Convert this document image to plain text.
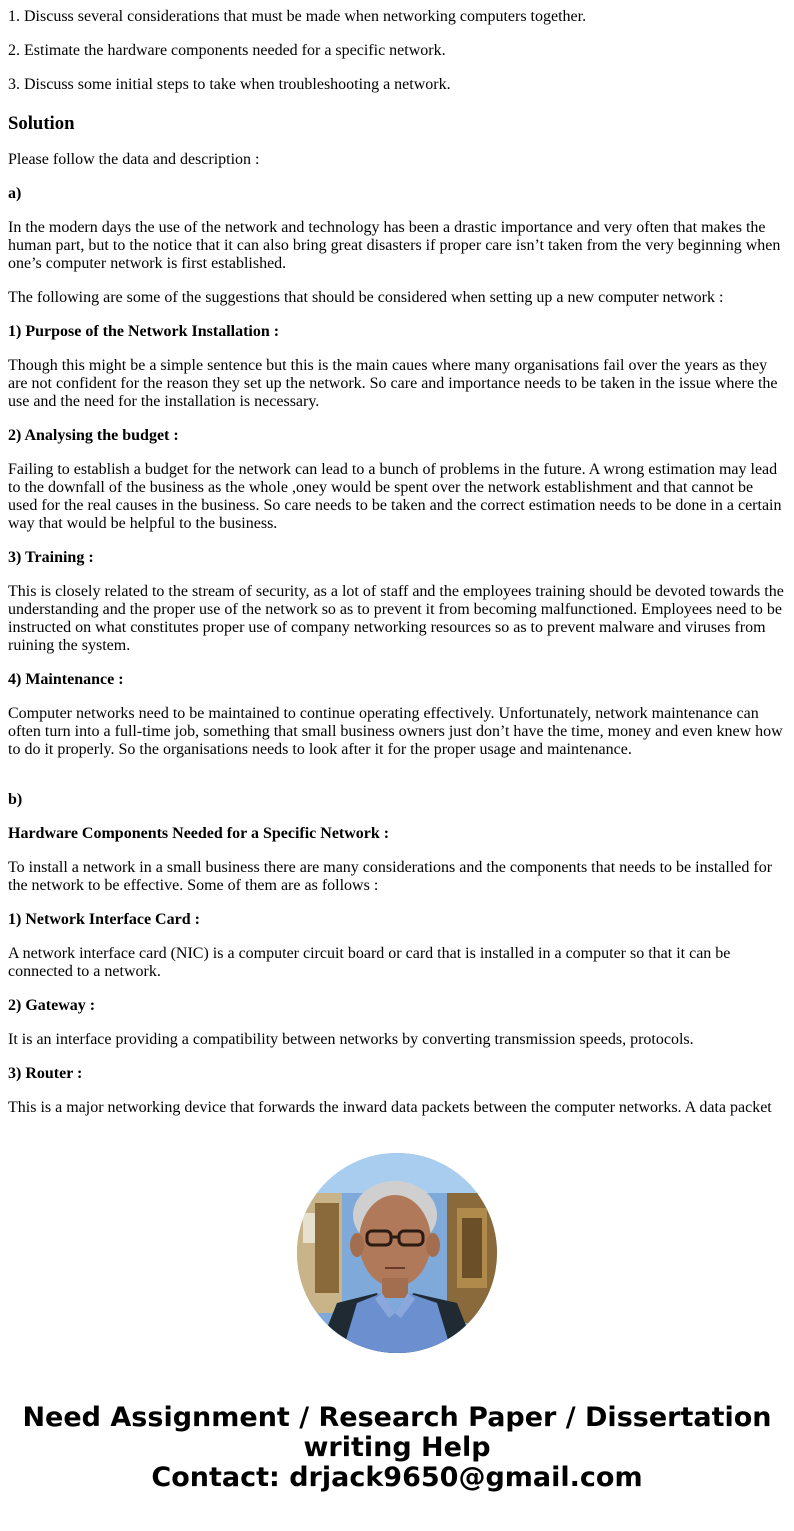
1. Discuss several considerations that must be made when networking computers together.

2. Estimate the hardware components needed for a specific network.

3. Discuss some initial steps to take when troubleshooting a network.

Solution

Please follow the data and description :

a)

In the modern days the use of the network and technology has been a drastic importance and very often that makes the human part, but to the notice that it can also bring great disasters if proper care isn’t taken from the very beginning when one’s computer network is first established.

The following are some of the suggestions that should be considered when setting up a new computer network :

1) Purpose of the Network Installation :

Though this might be a simple sentence but this is the main caues where many organisations fail over the years as they are not confident for the reason they set up the network. So care and importance needs to be taken in the issue where the use and the need for the installation is necessary.

2) Analysing the budget :

Failing to establish a budget for the network can lead to a bunch of problems in the future. A wrong estimation may lead to the downfall of the business as the whole ,oney would be spent over the network establishment and that cannot be used for the real causes in the business. So care needs to be taken and the correct estimation needs to be done in a certain way that would be helpful to the business.

3) Training :

This is closely related to the stream of security, as a lot of staff and the employees training should be devoted towards the understanding and the proper use of the network so as to prevent it from becoming malfunctioned. Employees need to be instructed on what constitutes proper use of company networking resources so as to prevent malware and viruses from ruining the system.

4) Maintenance :

Computer networks need to be maintained to continue operating effectively. Unfortunately, network maintenance can often turn into a full-time job, something that small business owners just don’t have the time, money and even knew how to do it properly. So the organisations needs to look after it for the proper usage and maintenance.

b)

Hardware Components Needed for a Specific Network :

To install a network in a small business there are many considerations and the components that needs to be installed for the network to be effective. Some of them are as follows :

1) Network Interface Card :

A network interface card (NIC) is a computer circuit board or card that is installed in a computer so that it can be connected to a network.

2) Gateway :

It is an interface providing a compatibility between networks by converting transmission speeds, protocols.

3) Router :

This is a major networking device that forwards the inward data packets between the computer networks. A data packet

Need Assignment / Research Paper / Dissertation writing Help
Contact: drjack9650@gmail.com
